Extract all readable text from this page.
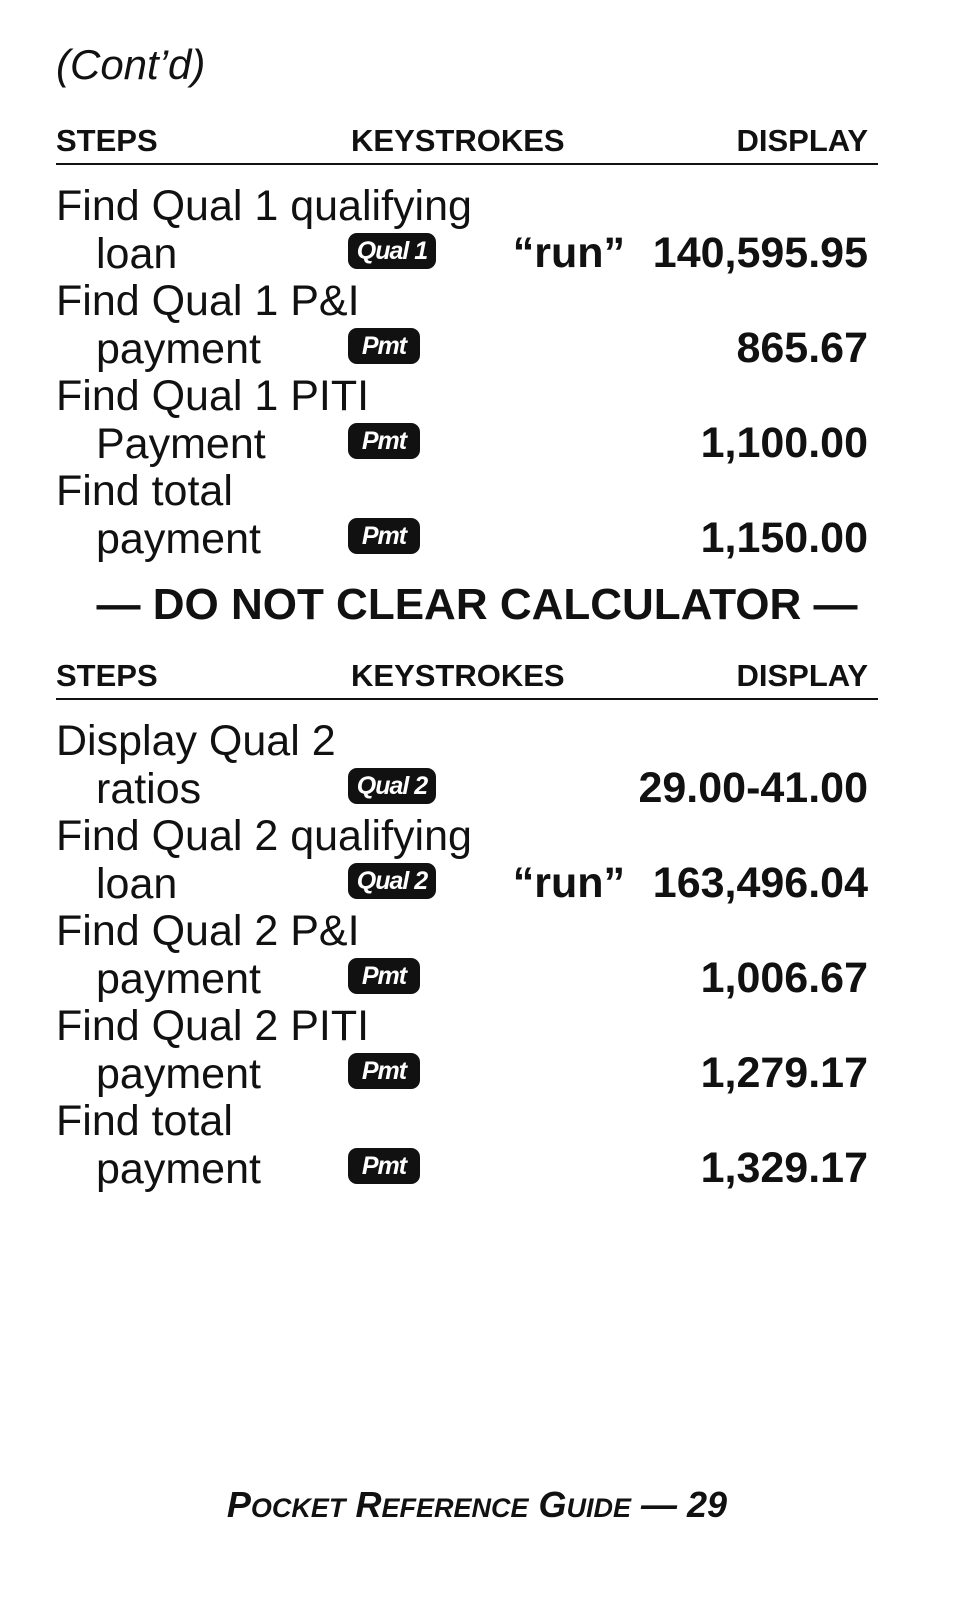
(Cont’d)
STEPS	KEYSTROKES	DISPLAY
Find Qual 1 qualifying
loan	Qual 1 “run” 140,595.95
Find Qual 1 P&I
payment	Pmt	865.67
Find Qual 1 PITI
Payment	Pmt	1,100.00
Find total
payment	Pmt	1,150.00
— DO NOT CLEAR CALCULATOR —
STEPS	KEYSTROKES	DISPLAY
Display Qual 2
ratios	Qual 2	29.00-41.00
Find Qual 2 qualifying
loan	Qual 2 “run” 163,496.04
Find Qual 2 P&I
payment	Pmt	1,006.67
Find Qual 2 PITI
payment	Pmt	1,279.17
Find total
payment	Pmt	1,329.17
POCKET REFERENCE GUIDE — 29
